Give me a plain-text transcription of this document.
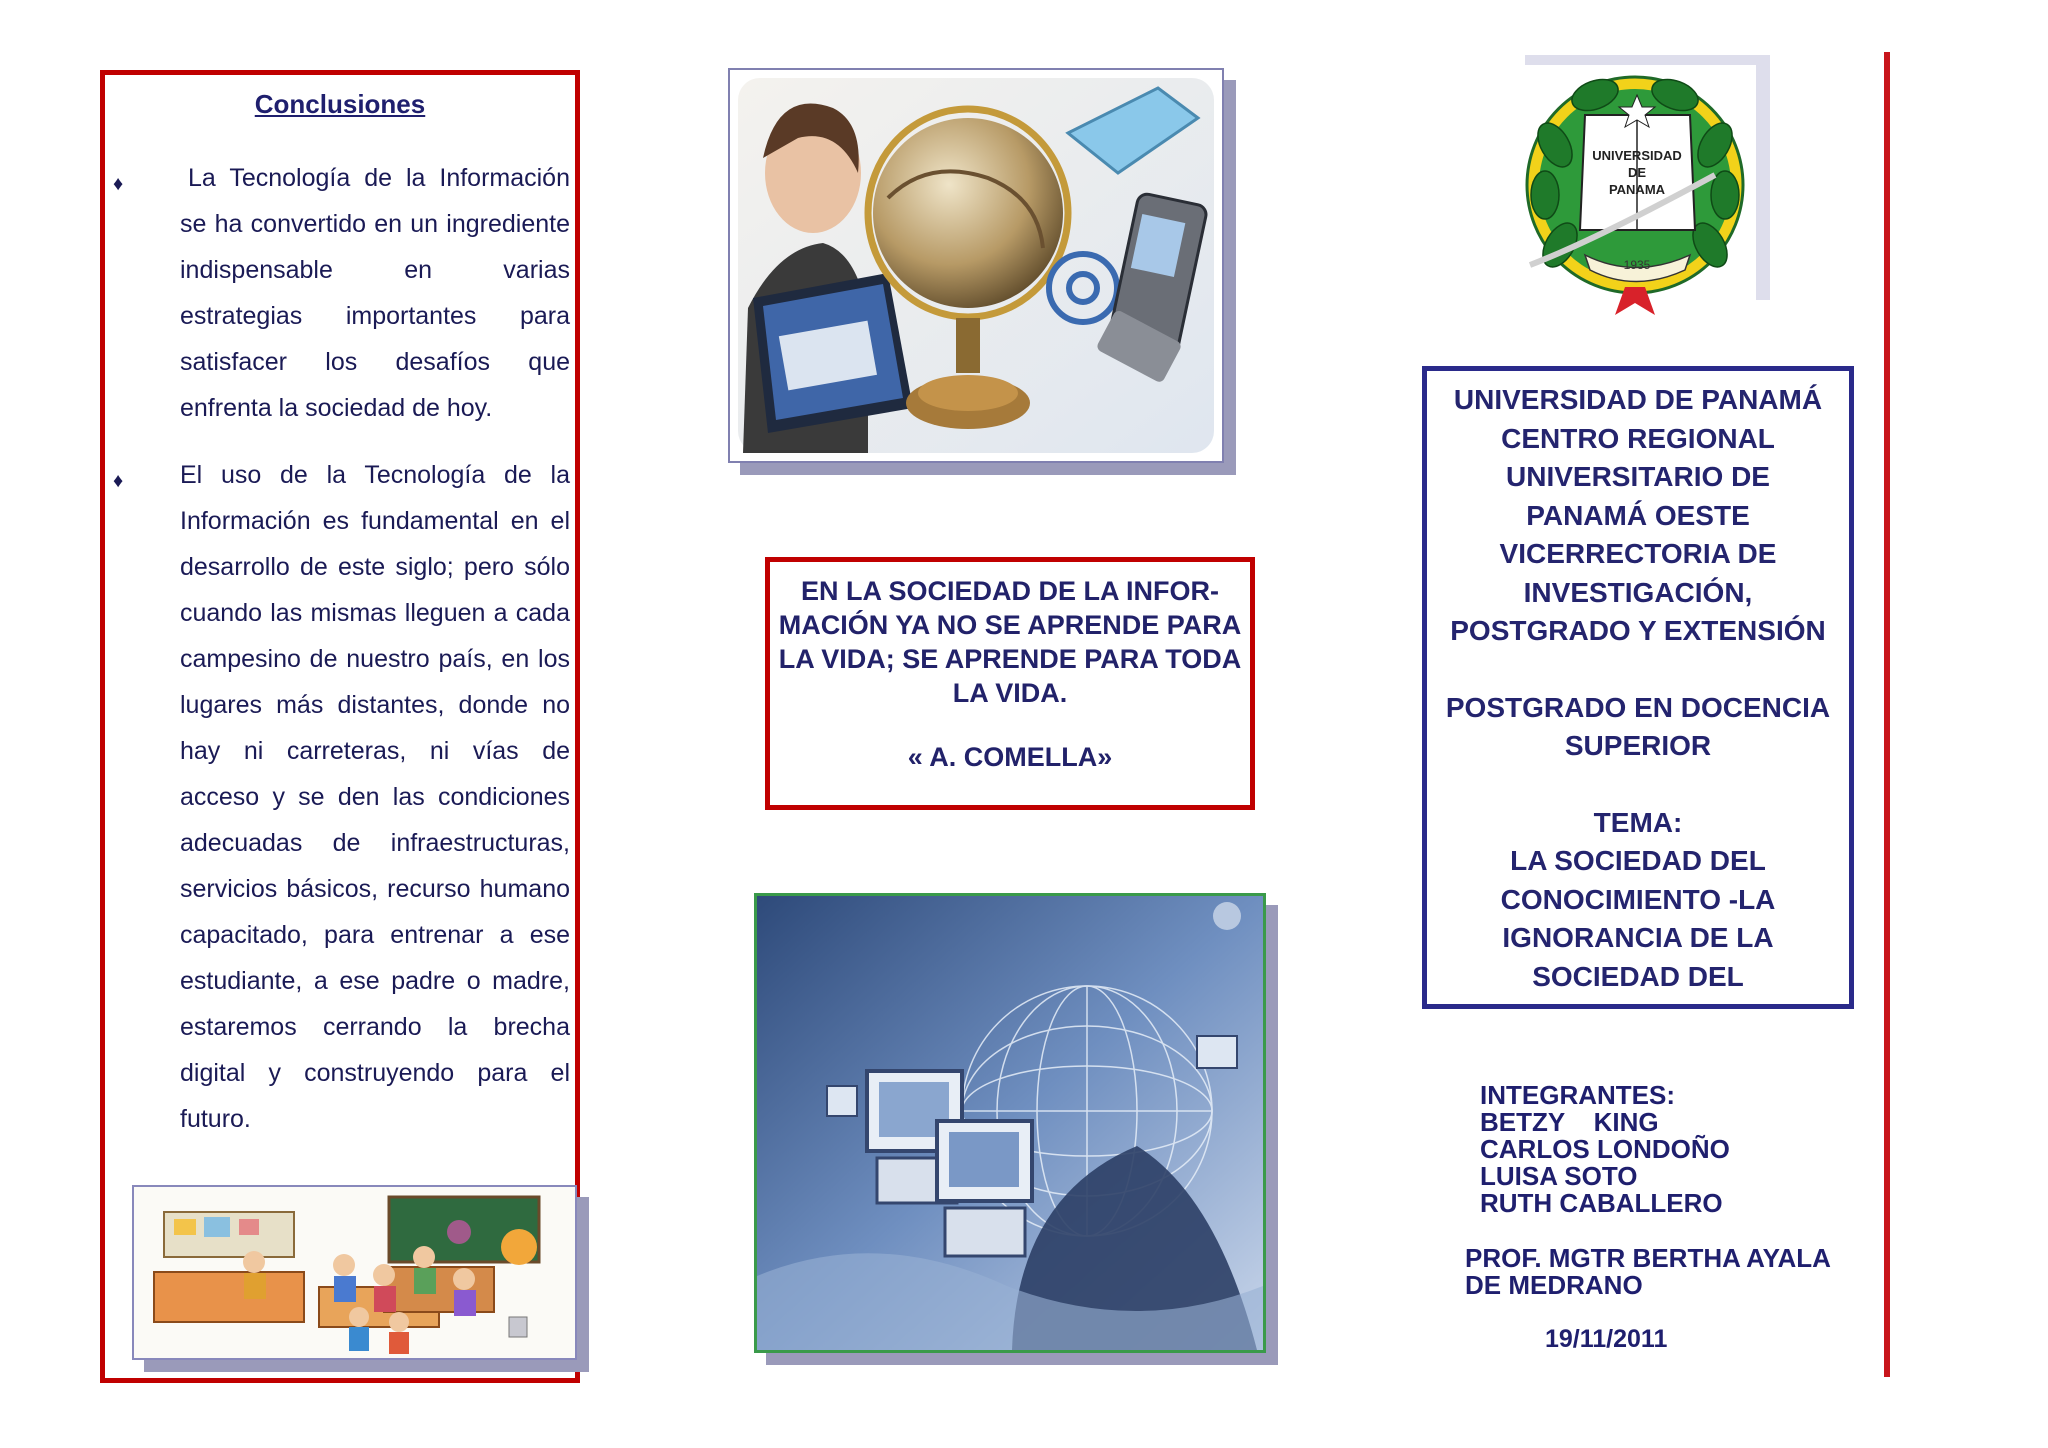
Conclusiones
♦	La Tecnología de la Información se ha convertido en un ingrediente indispensable en varias estrategias importantes para satisfacer los desafíos que enfrenta la sociedad de hoy.
♦ El uso de la Tecnología de la Información es fundamental en el desarrollo de este siglo; pero sólo cuando las mismas lleguen a cada campesino de nuestro país, en los lugares más distantes, donde no hay ni carreteras, ni vías de acceso y se den las condiciones adecuadas de infraestructuras, servicios básicos, recurso humano capacitado, para entrenar a ese estudiante, a ese padre o madre, estaremos cerrando la brecha digital y construyendo para el futuro.
EN LA SOCIEDAD DE LA INFORMACIÓN YA NO SE APRENDE PARA LA VIDA; SE APRENDE PARA TODA LA VIDA.
« A. COMELLA»
UNIVERSIDAD
DE
PANAMA
1935
UNIVERSIDAD DE PANAMÁ
CENTRO REGIONAL
UNIVERSITARIO DE
PANAMÁ OESTE
VICERRECTORIA DE
INVESTIGACIÓN,
POSTGRADO Y EXTENSIÓN
POSTGRADO EN DOCENCIA
SUPERIOR
TEMA:
LA SOCIEDAD DEL
CONOCIMIENTO -LA
IGNORANCIA DE LA
SOCIEDAD DEL
INTEGRANTES:
BETZY    KING
CARLOS LONDOÑO
LUISA SOTO
RUTH CABALLERO
PROF. MGTR BERTHA AYALA
DE MEDRANO
19/11/2011
